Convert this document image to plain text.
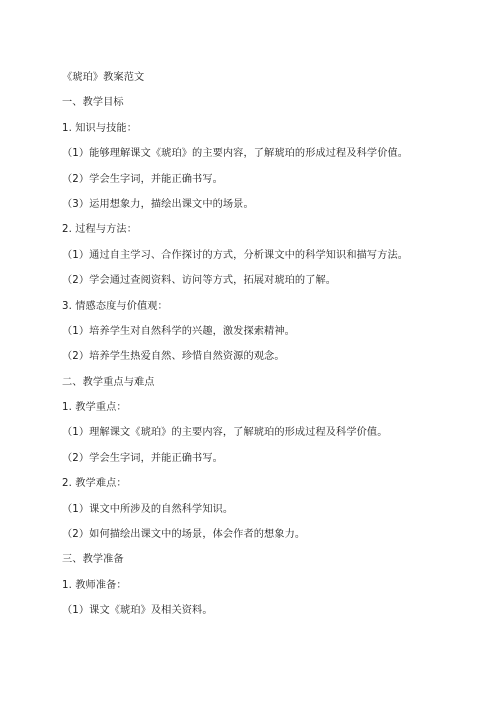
《琥珀》教案范文
一、教学目标
1. 知识与技能：
（1）能够理解课文《琥珀》的主要内容，了解琥珀的形成过程及科学价值。
（2）学会生字词，并能正确书写。
（3）运用想象力，描绘出课文中的场景。
2. 过程与方法：
（1）通过自主学习、合作探讨的方式，分析课文中的科学知识和描写方法。
（2）学会通过查阅资料、访问等方式，拓展对琥珀的了解。
3. 情感态度与价值观：
（1）培养学生对自然科学的兴趣，激发探索精神。
（2）培养学生热爱自然、珍惜自然资源的观念。
二、教学重点与难点
1. 教学重点：
（1）理解课文《琥珀》的主要内容，了解琥珀的形成过程及科学价值。
（2）学会生字词，并能正确书写。
2. 教学难点：
（1）课文中所涉及的自然科学知识。
（2）如何描绘出课文中的场景，体会作者的想象力。
三、教学准备
1. 教师准备：
（1）课文《琥珀》及相关资料。
